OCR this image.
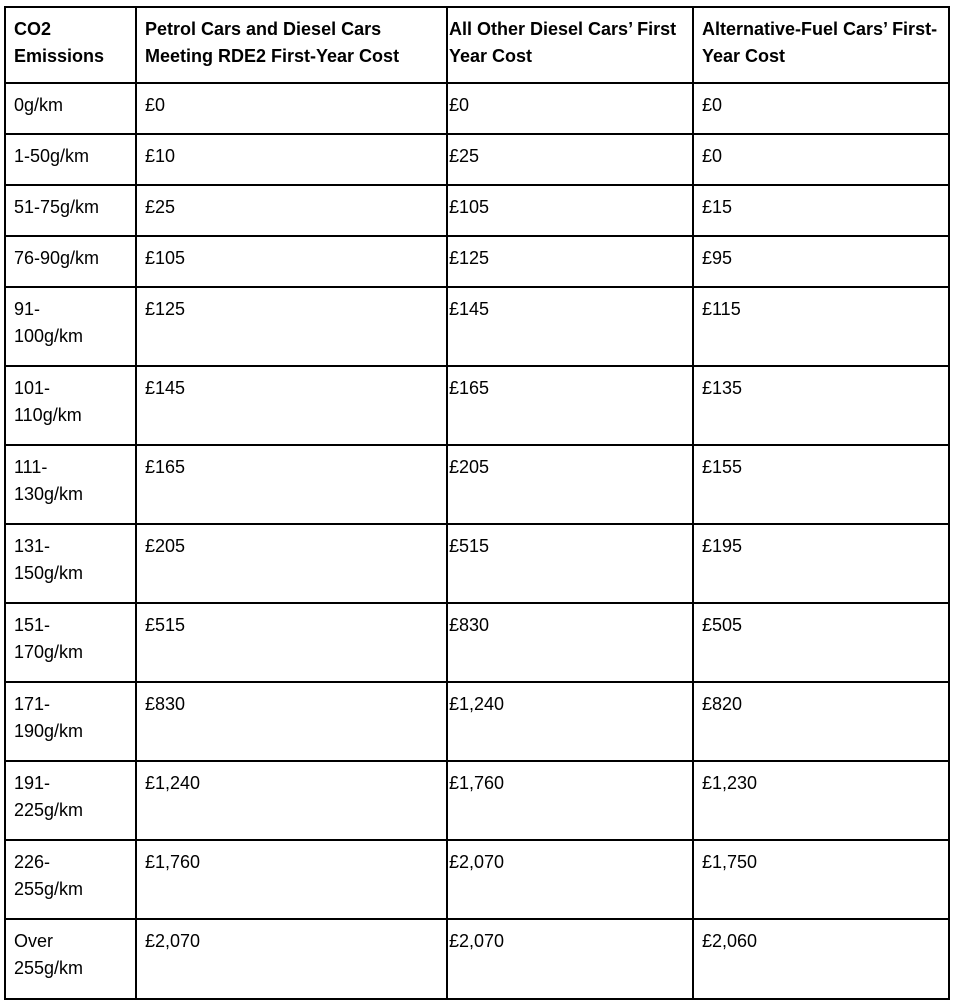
CO2 Emissions	Petrol Cars and Diesel Cars Meeting RDE2 First-Year Cost	All Other Diesel Cars’ First Year Cost	Alternative-Fuel Cars’ First-Year Cost
0g/km	£0	£0	£0
1-50g/km	£10	£25	£0
51-75g/km	£25	£105	£15
76-90g/km	£105	£125	£95
91-
100g/km	£125	£145	£115
101-
110g/km	£145	£165	£135
111-
130g/km	£165	£205	£155
131-
150g/km	£205	£515	£195
151-
170g/km	£515	£830	£505
171-
190g/km	£830	£1,240	£820
191-
225g/km	£1,240	£1,760	£1,230
226-
255g/km	£1,760	£2,070	£1,750
Over
255g/km	£2,070	£2,070	£2,060
